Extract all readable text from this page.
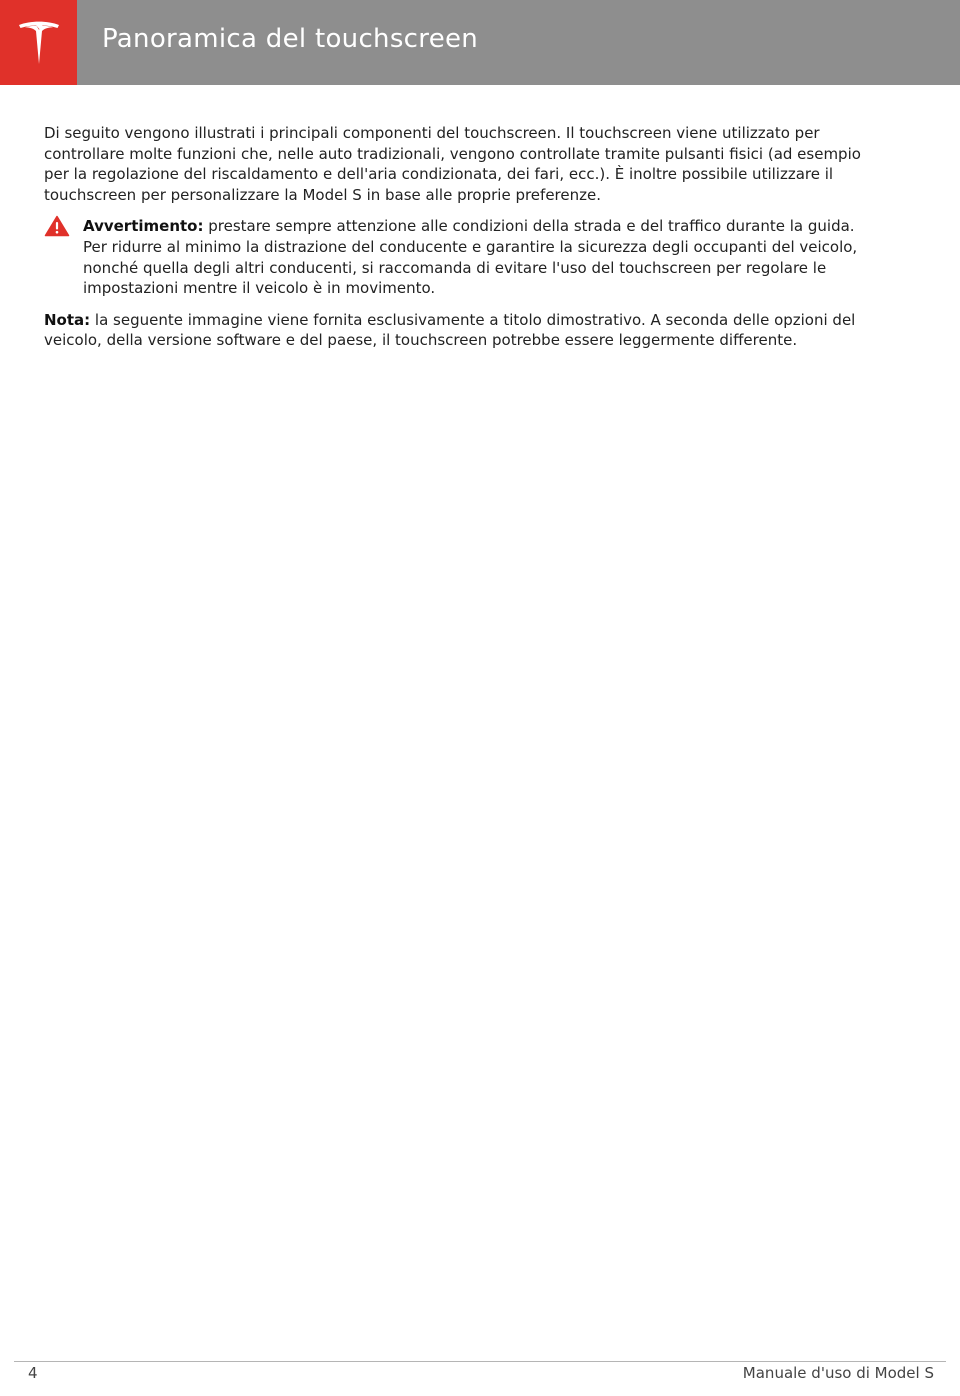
Panoramica del touchscreen

Di seguito vengono illustrati i principali componenti del touchscreen. Il touchscreen viene utilizzato per controllare molte funzioni che, nelle auto tradizionali, vengono controllate tramite pulsanti fisici (ad esempio per la regolazione del riscaldamento e dell'aria condizionata, dei fari, ecc.). È inoltre possibile utilizzare il touchscreen per personalizzare la Model S in base alle proprie preferenze.

Avvertimento: prestare sempre attenzione alle condizioni della strada e del traffico durante la guida. Per ridurre al minimo la distrazione del conducente e garantire la sicurezza degli occupanti del veicolo, nonché quella degli altri conducenti, si raccomanda di evitare l'uso del touchscreen per regolare le impostazioni mentre il veicolo è in movimento.

Nota: la seguente immagine viene fornita esclusivamente a titolo dimostrativo. A seconda delle opzioni del veicolo, della versione software e del paese, il touchscreen potrebbe essere leggermente differente.

4	Manuale d'uso di Model S
